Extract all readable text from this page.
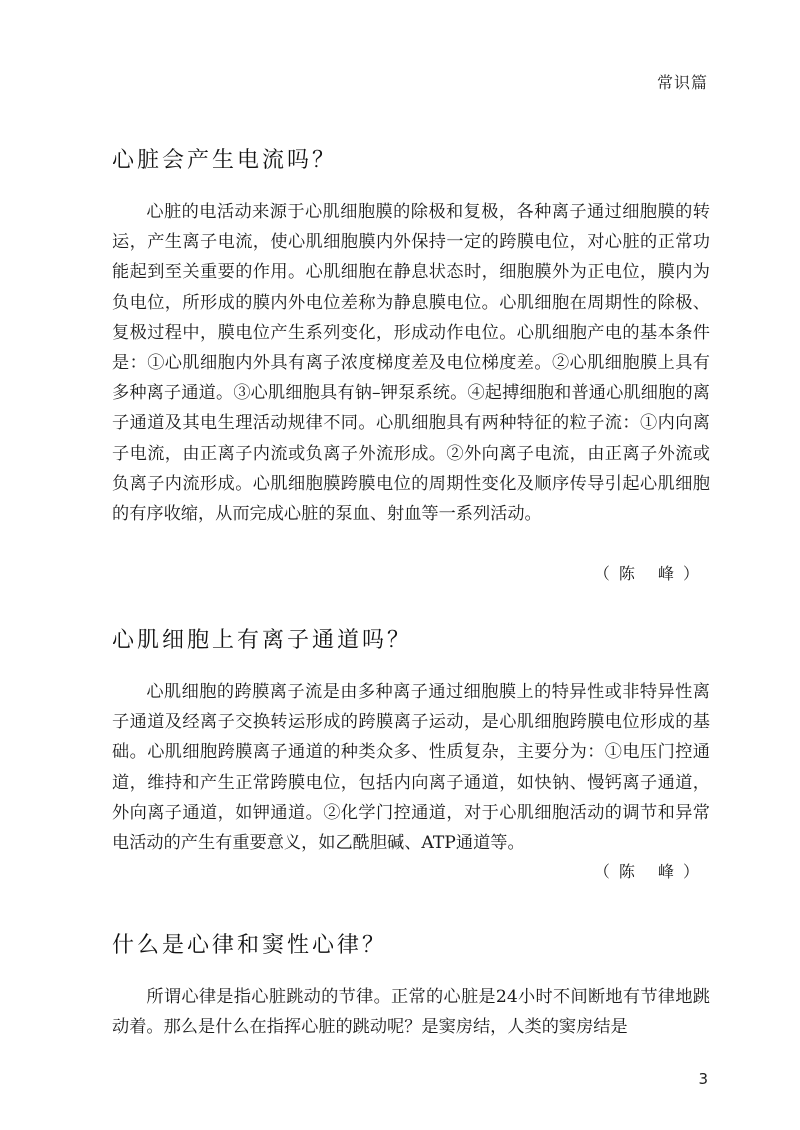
常识篇
心脏会产生电流吗？

心脏的电活动来源于心肌细胞膜的除极和复极，各种离子通过细胞膜的转运，产生离子电流，使心肌细胞膜内外保持一定的跨膜电位，对心脏的正常功能起到至关重要的作用。心肌细胞在静息状态时，细胞膜外为正电位，膜内为负电位，所形成的膜内外电位差称为静息膜电位。心肌细胞在周期性的除极、复极过程中，膜电位产生系列变化，形成动作电位。心肌细胞产电的基本条件是：①心肌细胞内外具有离子浓度梯度差及电位梯度差。②心肌细胞膜上具有多种离子通道。③心肌细胞具有钠–钾泵系统。④起搏细胞和普通心肌细胞的离子通道及其电生理活动规律不同。心肌细胞具有两种特征的粒子流：①内向离子电流，由正离子内流或负离子外流形成。②外向离子电流，由正离子外流或负离子内流形成。心肌细胞膜跨膜电位的周期性变化及顺序传导引起心肌细胞的有序收缩，从而完成心脏的泵血、射血等一系列活动。

（陈 峰）
心肌细胞上有离子通道吗？

心肌细胞的跨膜离子流是由多种离子通过细胞膜上的特异性或非特异性离子通道及经离子交换转运形成的跨膜离子运动，是心肌细胞跨膜电位形成的基础。心肌细胞跨膜离子通道的种类众多、性质复杂，主要分为：①电压门控通道，维持和产生正常跨膜电位，包括内向离子通道，如快钠、慢钙离子通道，外向离子通道，如钾通道。②化学门控通道，对于心肌细胞活动的调节和异常电活动的产生有重要意义，如乙酰胆碱、ATP通道等。

（陈 峰）
什么是心律和窦性心律？

所谓心律是指心脏跳动的节律。正常的心脏是24小时不间断地有节律地跳动着。那么是什么在指挥心脏的跳动呢？是窦房结，人类的窦房结是

3
